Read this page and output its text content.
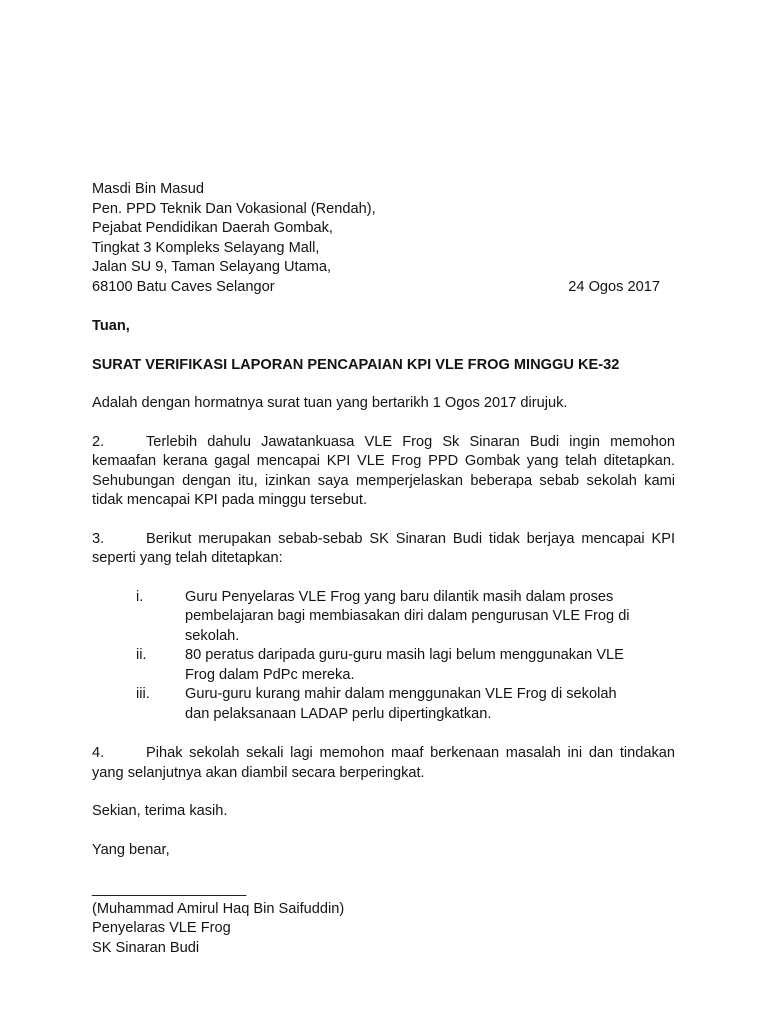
Masdi Bin Masud
Pen. PPD Teknik Dan Vokasional (Rendah),
Pejabat Pendidikan Daerah Gombak,
Tingkat 3 Kompleks Selayang Mall,
Jalan SU 9, Taman Selayang Utama,
68100 Batu Caves Selangor	24 Ogos 2017
Tuan,
SURAT VERIFIKASI LAPORAN PENCAPAIAN KPI VLE FROG MINGGU KE-32
Adalah dengan hormatnya surat tuan yang bertarikh 1 Ogos 2017 dirujuk.
2.	Terlebih dahulu Jawatankuasa VLE Frog Sk Sinaran Budi ingin memohon kemaafan kerana gagal mencapai KPI VLE Frog PPD Gombak yang telah ditetapkan. Sehubungan dengan itu, izinkan saya memperjelaskan beberapa sebab sekolah kami tidak mencapai KPI pada minggu tersebut.
3.	Berikut merupakan sebab-sebab SK Sinaran Budi tidak berjaya mencapai KPI seperti yang telah ditetapkan:
i.	Guru Penyelaras VLE Frog yang baru dilantik masih dalam proses pembelajaran bagi membiasakan diri dalam pengurusan VLE Frog di sekolah.
ii.	80 peratus daripada guru-guru masih lagi belum menggunakan VLE Frog dalam PdPc mereka.
iii.	Guru-guru kurang mahir dalam menggunakan VLE Frog di sekolah dan pelaksanaan LADAP perlu dipertingkatkan.
4.	Pihak sekolah sekali lagi memohon maaf berkenaan masalah ini dan tindakan yang selanjutnya akan diambil secara berperingkat.
Sekian, terima kasih.
Yang benar,
___________________
(Muhammad Amirul Haq Bin Saifuddin)
Penyelaras VLE Frog
SK Sinaran Budi
